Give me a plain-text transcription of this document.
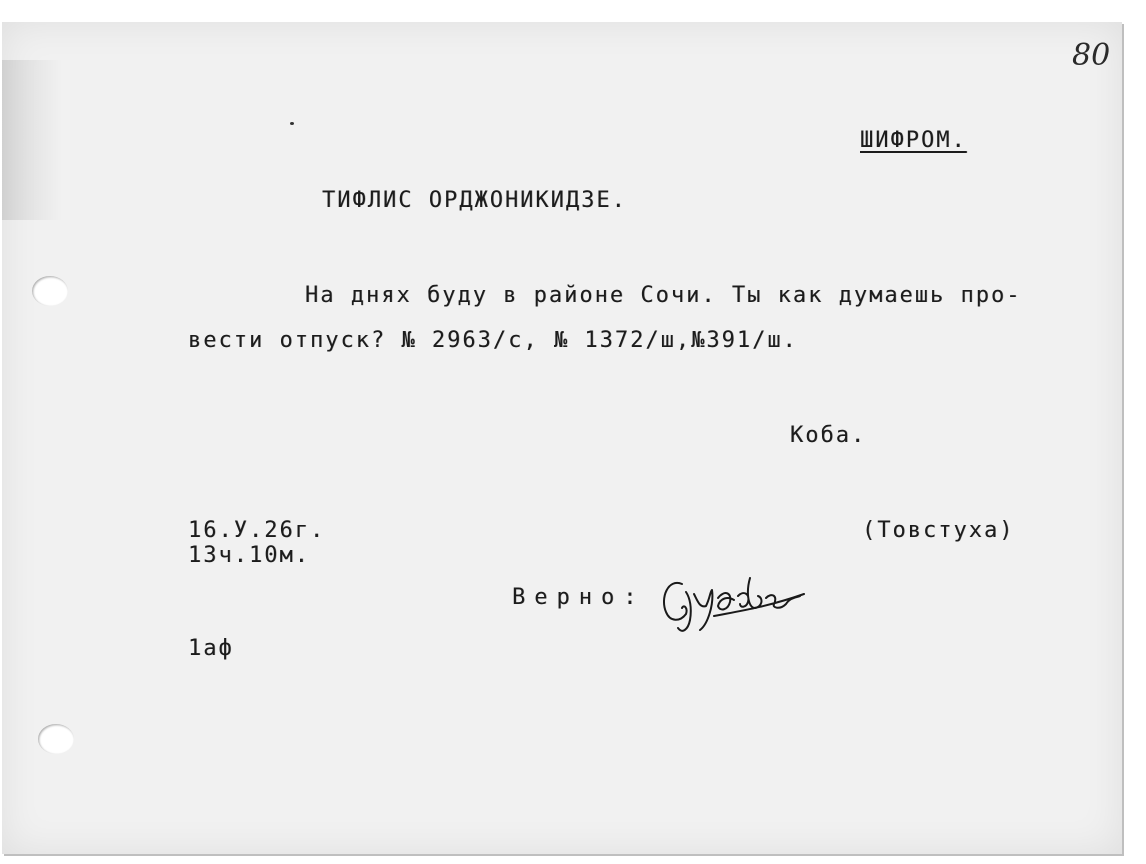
80
ШИФРОМ.
ТИФЛИС ОРДЖОНИКИДЗЕ.
На днях буду в районе Сочи. Ты как думаешь про-
вести отпуск? № 2963/с, № 1372/ш,№391/ш.
Коба.
(Товстуха)
16.У.26г.
13ч.10м.
Верно:
1аф
